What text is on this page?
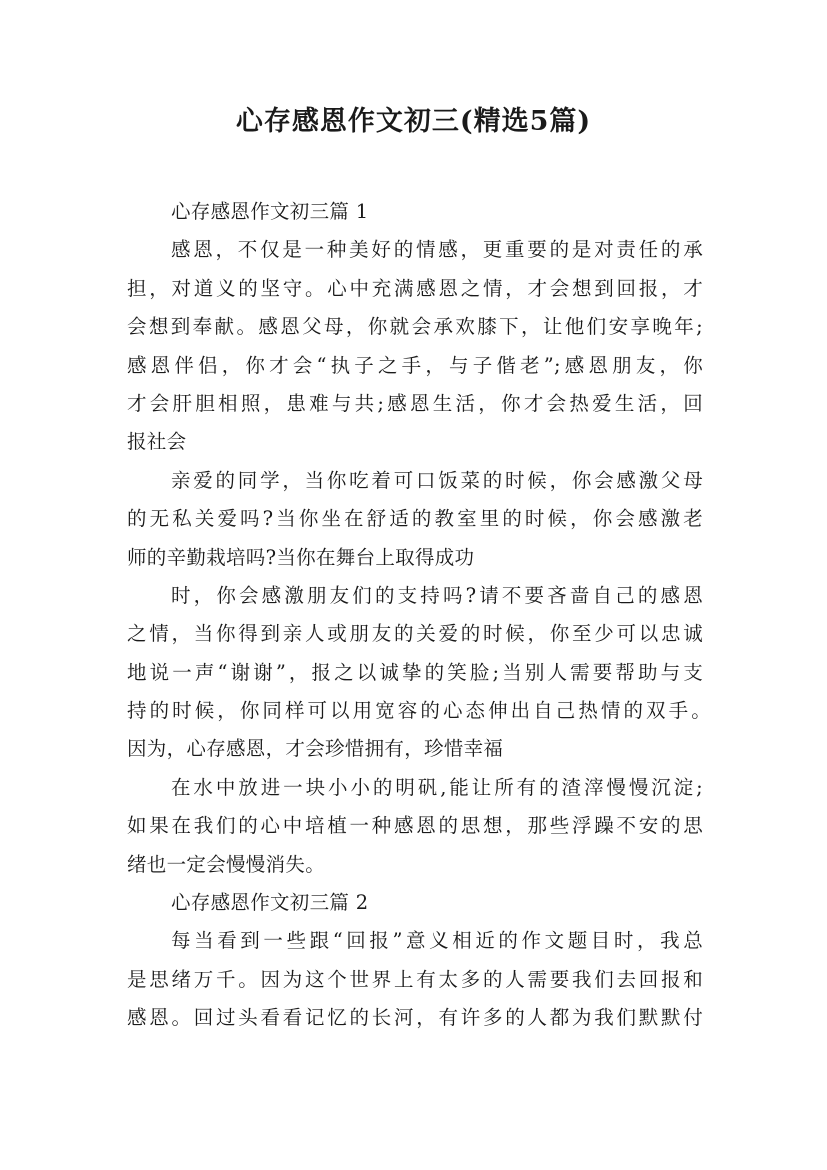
心存感恩作文初三(精选5篇)
心存感恩作文初三篇 1
感恩，不仅是一种美好的情感，更重要的是对责任的承
担，对道义的坚守。心中充满感恩之情，才会想到回报，才
会想到奉献。感恩父母，你就会承欢膝下，让他们安享晚年;
感恩伴侣，你才会“执子之手，与子偕老”;感恩朋友，你
才会肝胆相照，患难与共;感恩生活，你才会热爱生活，回
报社会
亲爱的同学，当你吃着可口饭菜的时候，你会感激父母
的无私关爱吗?当你坐在舒适的教室里的时候，你会感激老
师的辛勤栽培吗?当你在舞台上取得成功
时，你会感激朋友们的支持吗?请不要吝啬自己的感恩
之情，当你得到亲人或朋友的关爱的时候，你至少可以忠诚
地说一声“谢谢”，报之以诚挚的笑脸;当别人需要帮助与支
持的时候，你同样可以用宽容的心态伸出自己热情的双手。
因为，心存感恩，才会珍惜拥有，珍惜幸福
在水中放进一块小小的明矾,能让所有的渣滓慢慢沉淀;
如果在我们的心中培植一种感恩的思想，那些浮躁不安的思
绪也一定会慢慢消失。
心存感恩作文初三篇 2
每当看到一些跟“回报”意义相近的作文题目时，我总
是思绪万千。因为这个世界上有太多的人需要我们去回报和
感恩。回过头看看记忆的长河，有许多的人都为我们默默付
